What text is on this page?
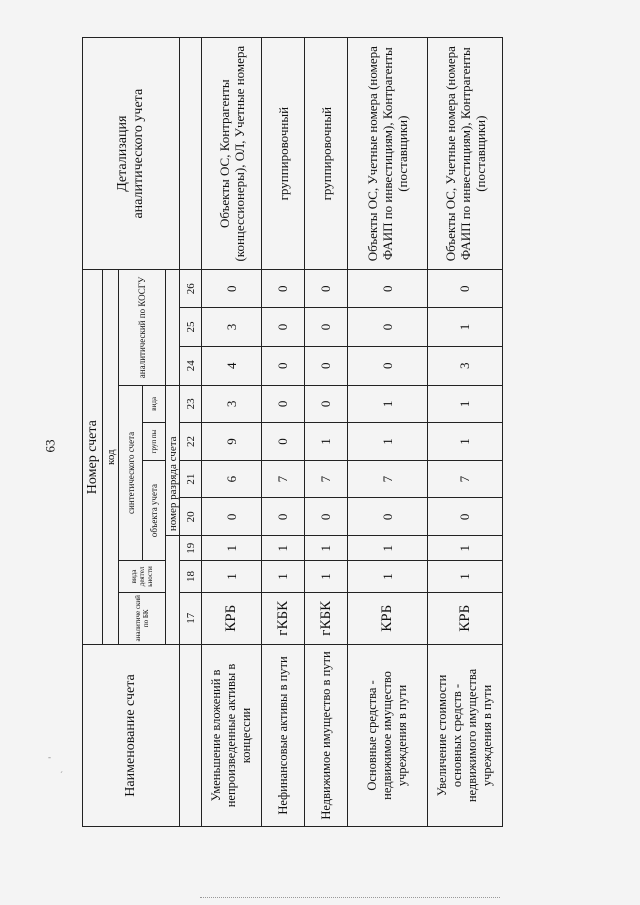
63
-
´	Наименование счета	Номер счета										Детализация аналитического учета
	код										
	аналитиче ский по БК	вида деятел ьности	синтетического счета					аналитический по КОСГУ			
			объекта учета			груп пы	вида				
				номер разряда счета							
	17	18	19	20	21	22	23	24	25	26	
Уменьшение вложений в непроизведенные активы в концессии	КРБ	1	1	0	6	9	3	4	3	0	Объекты ОС, Контрагенты (концессионеры), ОЛ, Учетные номера
Нефинансовые активы в пути	гКБК	1	1	0	7	0	0	0	0	0	группировочный
Недвижимое имущество в пути	гКБК	1	1	0	7	1	0	0	0	0	группировочный
Основные средства - недвижимое имущество учреждения в пути	КРБ	1	1	0	7	1	1	0	0	0	Объекты ОС, Учетные номера (номера ФАИП по инвестициям), Контрагенты (поставщики)
Увеличение стоимости основных средств - недвижимого имущества учреждения в пути	КРБ	1	1	0	7	1	1	3	1	0	Объекты ОС, Учетные номера (номера ФАИП по инвестициям), Контрагенты (поставщики)
